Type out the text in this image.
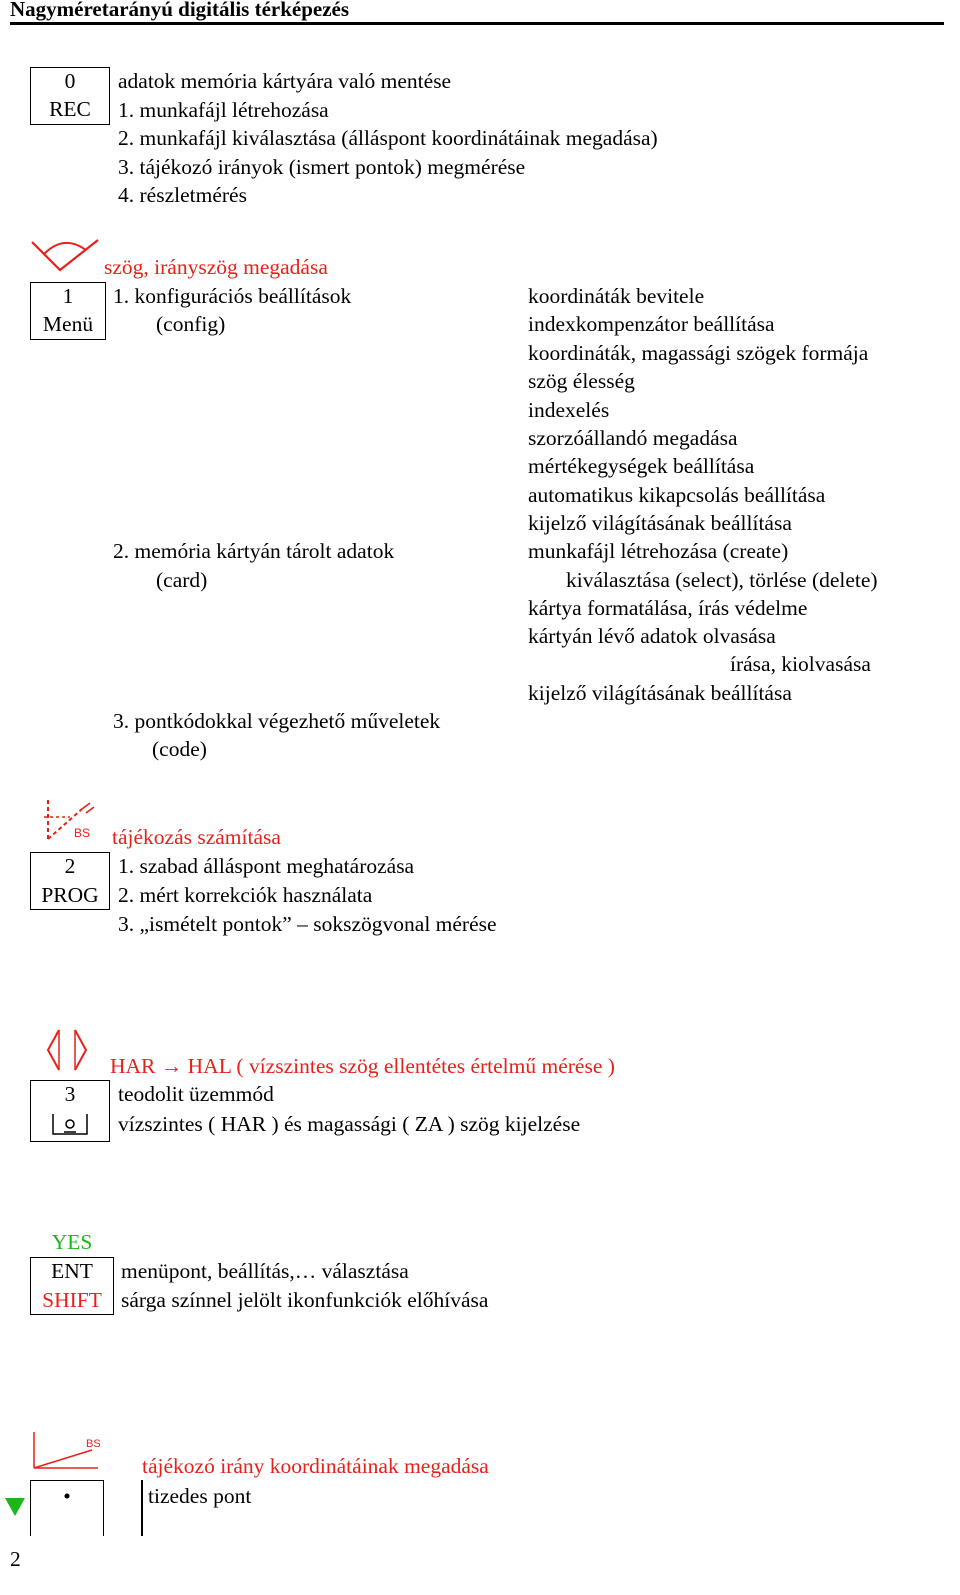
Nagyméretarányú digitális térképezés
0
REC
adatok memória kártyára való mentése
1. munkafájl létrehozása
2. munkafájl kiválasztása (álláspont koordinátáinak megadása)
3. tájékozó irányok (ismert pontok) megmérése
4. részletmérés
szög, irányszög megadása
1
Menü
1. konfigurációs beállítások
(config)
koordináták bevitele
indexkompenzátor beállítása
koordináták, magassági szögek formája
szög élesség
indexelés
szorzóállandó megadása
mértékegységek beállítása
automatikus kikapcsolás beállítása
kijelző világításának beállítása
2. memória kártyán tárolt adatok
(card)
munkafájl létrehozása (create)
kiválasztása (select), törlése (delete)
kártya formatálása, írás védelme
kártyán lévő adatok olvasása
írása, kiolvasása
kijelző világításának beállítása
3. pontkódokkal végezhető műveletek
(code)
BS tájékozás számítása
2
PROG
1. szabad álláspont meghatározása
2. mért korrekciók használata
3. „ismételt pontok” – sokszögvonal mérése
HAR → HAL ( vízszintes szög ellentétes értelmű mérése )
3	teodolit üzemmód
vízszintes ( HAR ) és magassági ( ZA ) szög kijelzése
YES
ENT
SHIFT
menüpont, beállítás,… választása
sárga színnel jelölt ikonfunkciók előhívása
BS
tájékozó irány koordinátáinak megadása
•	tizedes pont
2
